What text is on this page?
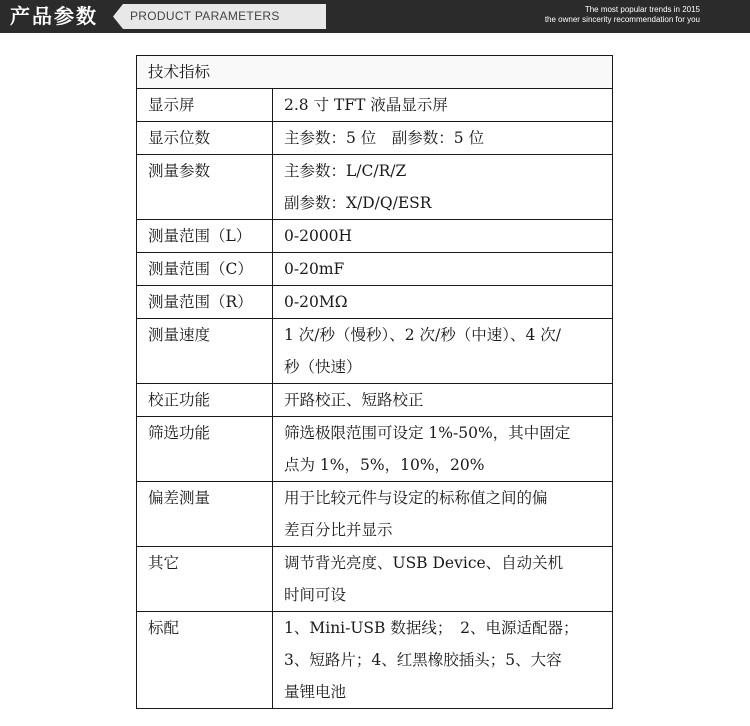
产品参数	PRODUCT PARAMETERS	The most popular trends in 2015
the owner sincerity recommendation for you
技术指标	
显示屏	2.8 寸 TFT 液晶显示屏

显示位数	主参数：5 位　副参数：5 位

测量参数	主参数：L/C/R/Z
副参数：X/D/Q/ESR

测量范围（L）	0-2000H

测量范围（C）	0-20mF

测量范围（R）	0-20MΩ

测量速度	1 次/秒（慢秒）、2 次/秒（中速）、4 次/
秒（快速）

校正功能	开路校正、短路校正

筛选功能	筛选极限范围可设定 1%-50%，其中固定
点为 1%，5%，10%，20%

偏差测量	用于比较元件与设定的标称值之间的偏
差百分比并显示

其它	调节背光亮度、USB Device、自动关机
时间可设

标配	1、Mini-USB 数据线；　2、电源适配器；
3、短路片；4、红黑橡胶插头；5、大容
量锂电池
